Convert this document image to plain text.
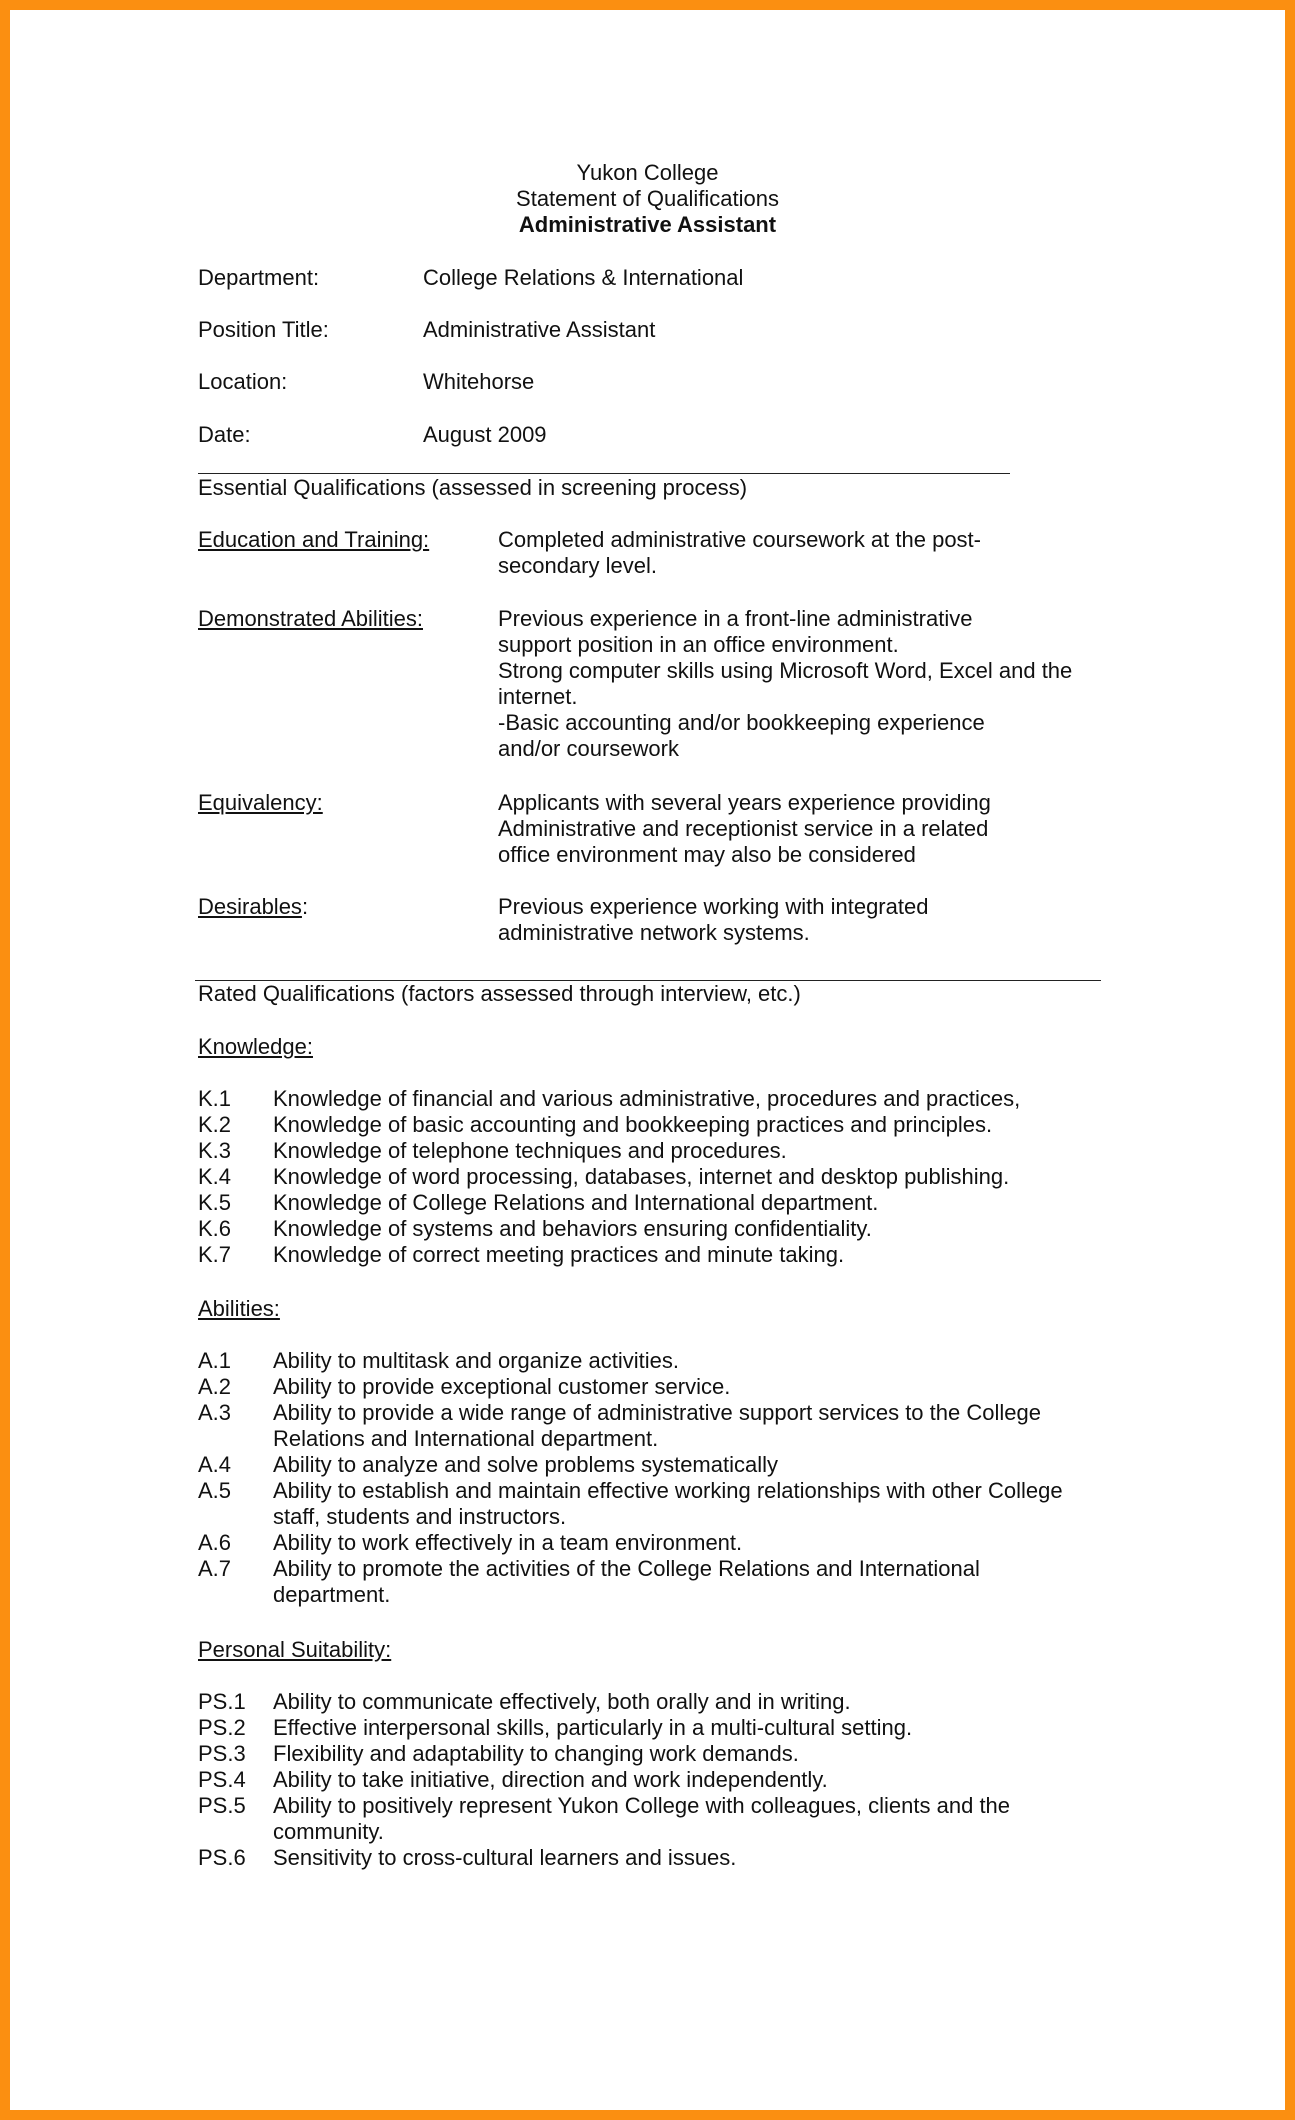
Yukon College
Statement of Qualifications
Administrative Assistant
Department:	College Relations & International
Position Title:	Administrative Assistant
Location:	Whitehorse
Date:	August 2009
Essential Qualifications (assessed in screening process)
Education and Training:	Completed administrative coursework at the post-
secondary level.
Demonstrated Abilities:	Previous experience in a front-line administrative
support position in an office environment.
Strong computer skills using Microsoft Word, Excel and the
internet.
-Basic accounting and/or bookkeeping experience
and/or coursework
Equivalency:	Applicants with several years experience providing
Administrative and receptionist service in a related
office environment may also be considered
Desirables:	Previous experience working with integrated
administrative network systems.
Rated Qualifications (factors assessed through interview, etc.)
Knowledge:
K.1 Knowledge of financial and various administrative, procedures and practices,
K.2 Knowledge of basic accounting and bookkeeping practices and principles.
K.3 Knowledge of telephone techniques and procedures.
K.4 Knowledge of word processing, databases, internet and desktop publishing.
K.5 Knowledge of College Relations and International department.
K.6 Knowledge of systems and behaviors ensuring confidentiality.
K.7 Knowledge of correct meeting practices and minute taking.
Abilities:
A.1 Ability to multitask and organize activities.
A.2 Ability to provide exceptional customer service.
A.3 Ability to provide a wide range of administrative support services to the College
Relations and International department.
A.4 Ability to analyze and solve problems systematically
A.5 Ability to establish and maintain effective working relationships with other College
staff, students and instructors.
A.6 Ability to work effectively in a team environment.
A.7 Ability to promote the activities of the College Relations and International
department.
Personal Suitability:
PS.1 Ability to communicate effectively, both orally and in writing.
PS.2 Effective interpersonal skills, particularly in a multi-cultural setting.
PS.3 Flexibility and adaptability to changing work demands.
PS.4 Ability to take initiative, direction and work independently.
PS.5 Ability to positively represent Yukon College with colleagues, clients and the
community.
PS.6 Sensitivity to cross-cultural learners and issues.
